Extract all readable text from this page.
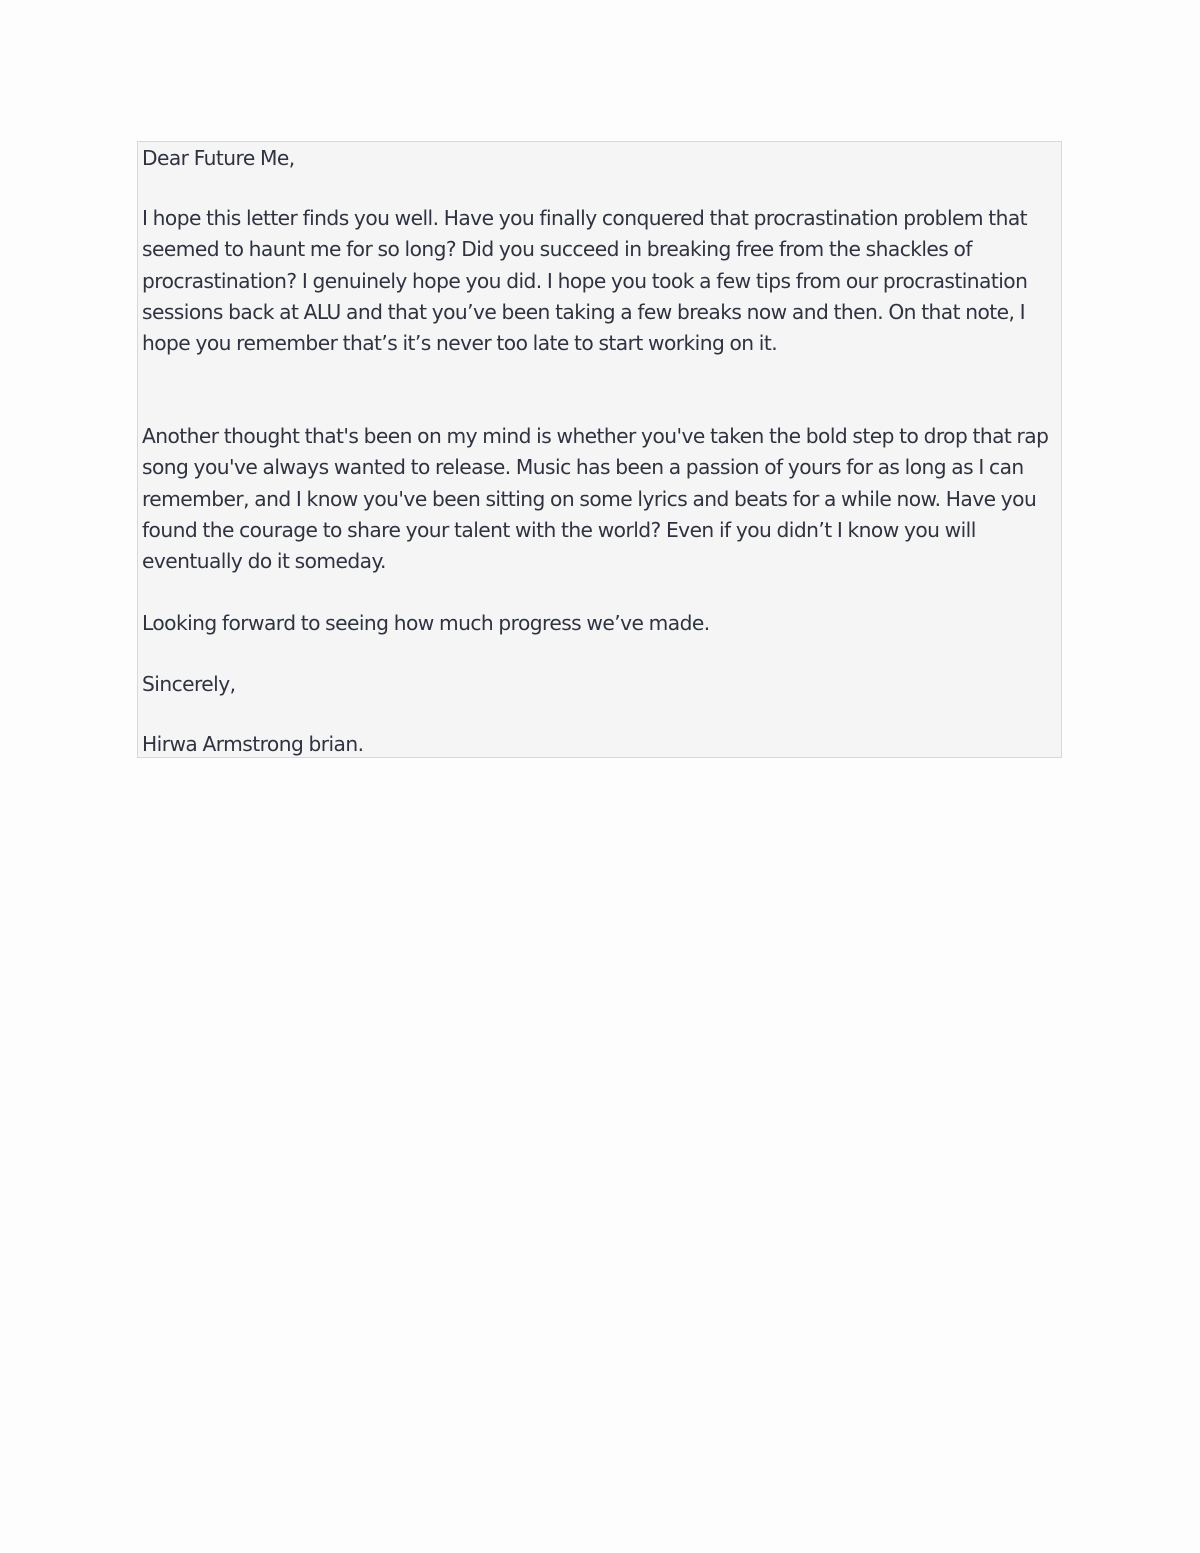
Dear Future Me,

I hope this letter finds you well. Have you finally conquered that procrastination problem that seemed to haunt me for so long? Did you succeed in breaking free from the shackles of procrastination? I genuinely hope you did. I hope you took a few tips from our procrastination sessions back at ALU and that you’ve been taking a few breaks now and then. On that note, I hope you remember that’s it’s never too late to start working on it.

Another thought that's been on my mind is whether you've taken the bold step to drop that rap song you've always wanted to release. Music has been a passion of yours for as long as I can remember, and I know you've been sitting on some lyrics and beats for a while now. Have you found the courage to share your talent with the world? Even if you didn’t I know you will eventually do it someday.

Looking forward to seeing how much progress we’ve made.

Sincerely,

Hirwa Armstrong brian.
